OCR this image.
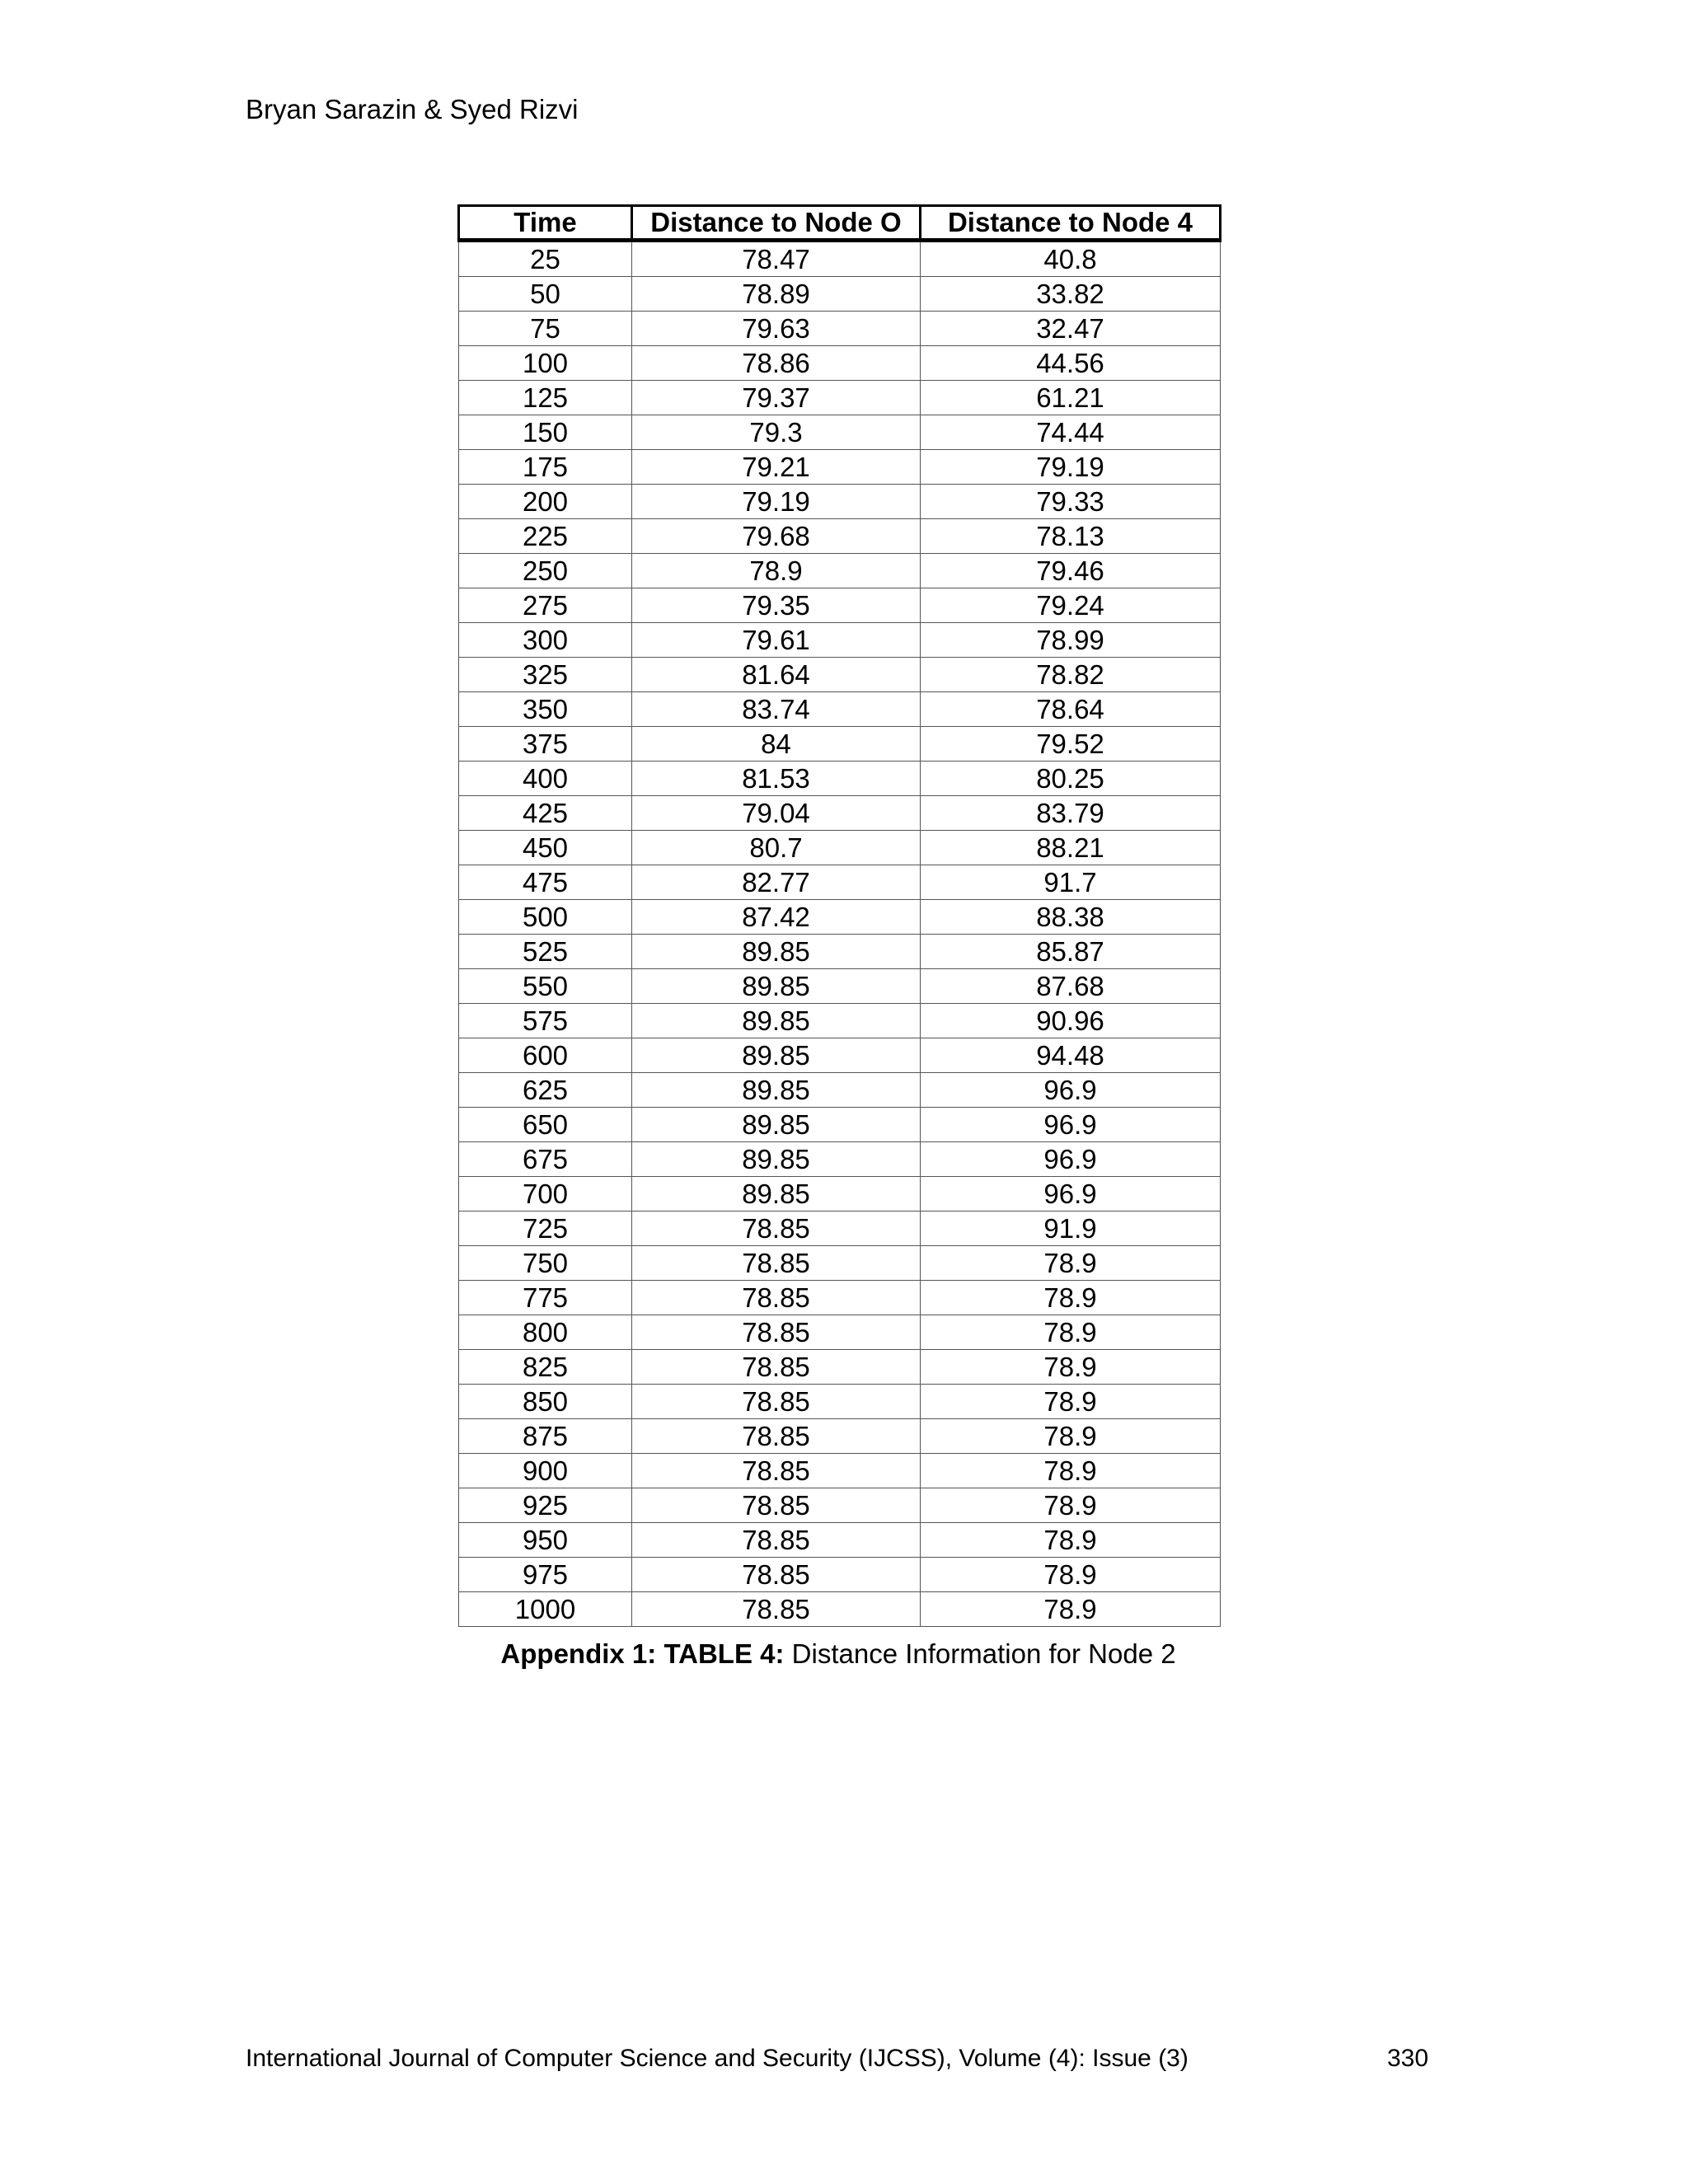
Bryan Sarazin & Syed Rizvi
Time	Distance to Node O	Distance to Node 4
25	78.47	40.8
50	78.89	33.82
75	79.63	32.47
100	78.86	44.56
125	79.37	61.21
150	79.3	74.44
175	79.21	79.19
200	79.19	79.33
225	79.68	78.13
250	78.9	79.46
275	79.35	79.24
300	79.61	78.99
325	81.64	78.82
350	83.74	78.64
375	84	79.52
400	81.53	80.25
425	79.04	83.79
450	80.7	88.21
475	82.77	91.7
500	87.42	88.38
525	89.85	85.87
550	89.85	87.68
575	89.85	90.96
600	89.85	94.48
625	89.85	96.9
650	89.85	96.9
675	89.85	96.9
700	89.85	96.9
725	78.85	91.9
750	78.85	78.9
775	78.85	78.9
800	78.85	78.9
825	78.85	78.9
850	78.85	78.9
875	78.85	78.9
900	78.85	78.9
925	78.85	78.9
950	78.85	78.9
975	78.85	78.9
1000	78.85	78.9
Appendix 1: TABLE 4: Distance Information for Node 2
International Journal of Computer Science and Security (IJCSS), Volume (4): Issue (3)	330
